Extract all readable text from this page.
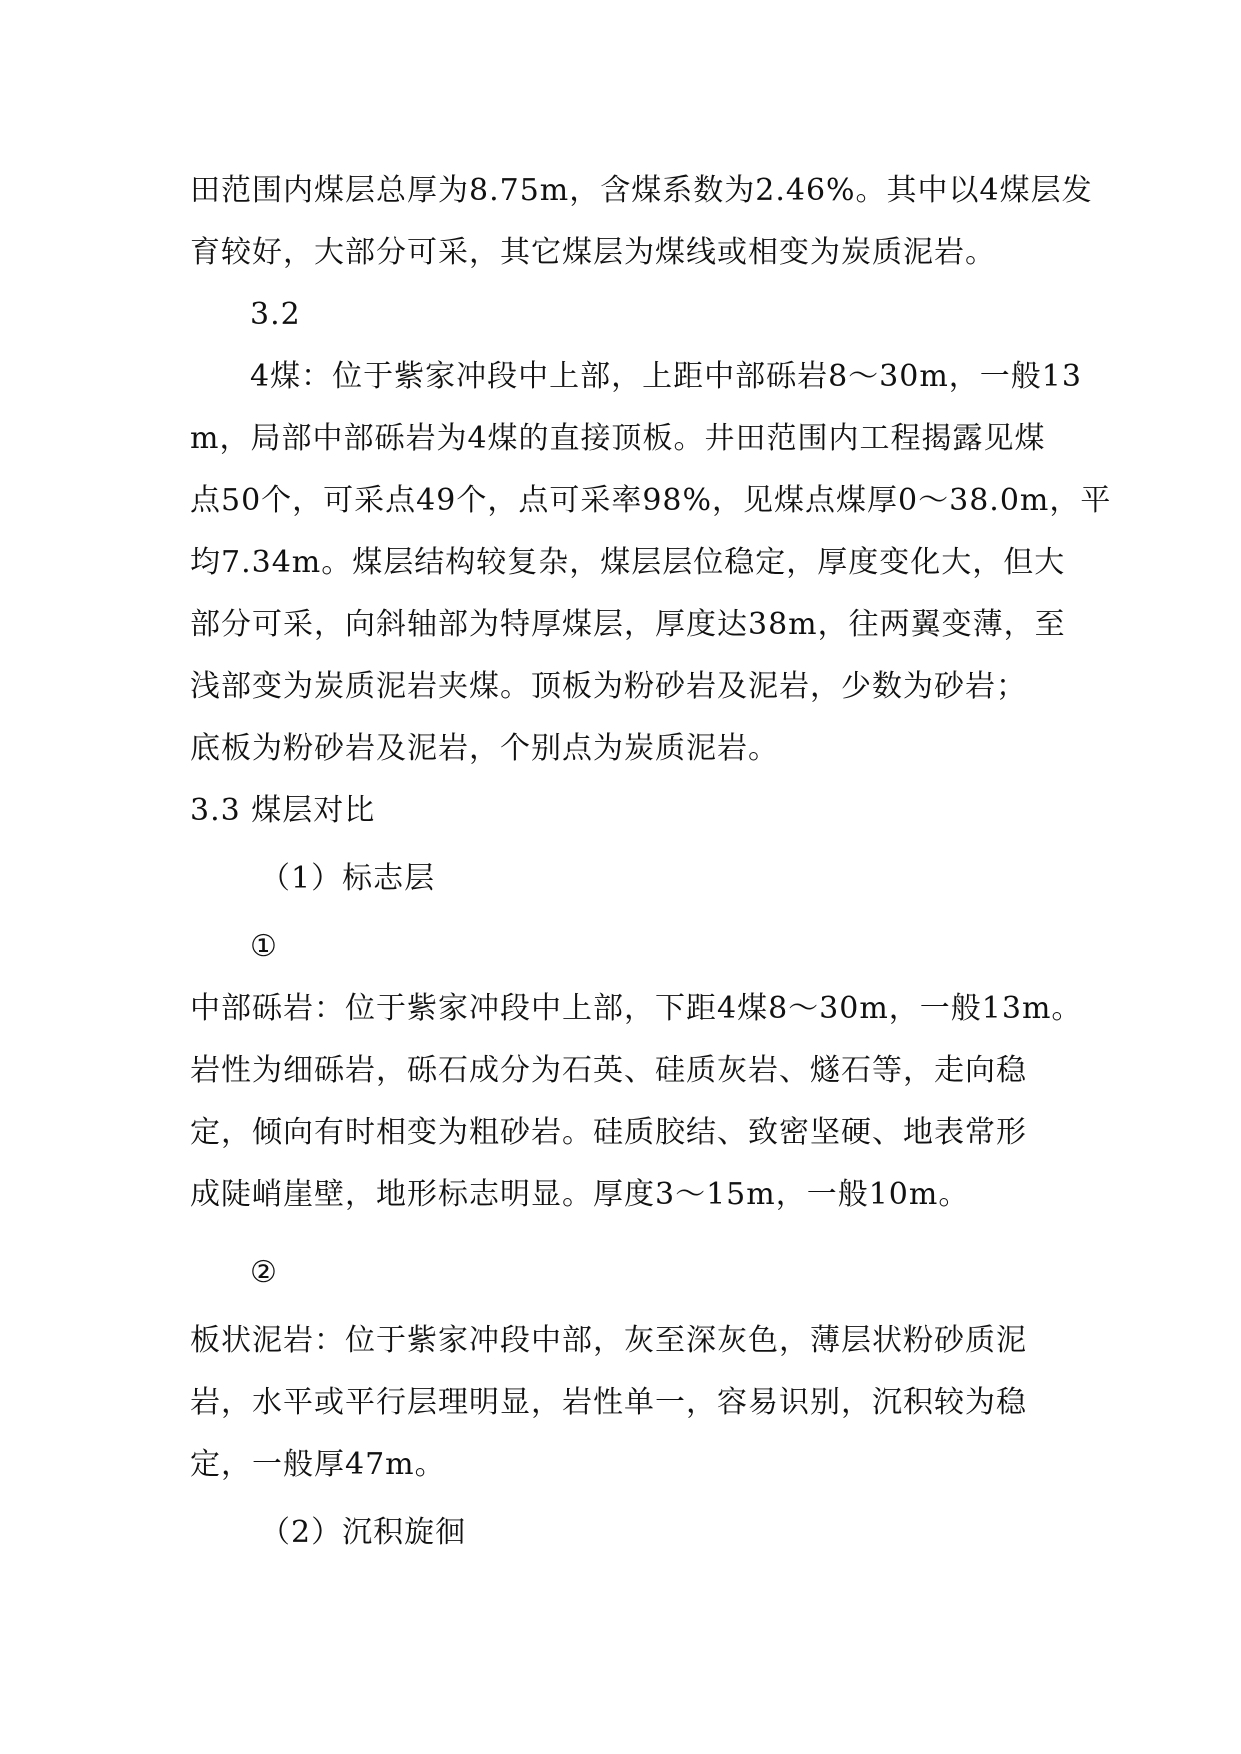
田范围内煤层总厚为8.75m，含煤系数为2.46%。其中以4煤层发
育较好，大部分可采，其它煤层为煤线或相变为炭质泥岩。
3.2
4煤：位于紫家冲段中上部，上距中部砾岩8～30m，一般13
m，局部中部砾岩为4煤的直接顶板。井田范围内工程揭露见煤
点50个，可采点49个，点可采率98%，见煤点煤厚0～38.0m，平
均7.34m。煤层结构较复杂，煤层层位稳定，厚度变化大，但大
部分可采，向斜轴部为特厚煤层，厚度达38m，往两翼变薄，至
浅部变为炭质泥岩夹煤。顶板为粉砂岩及泥岩，少数为砂岩；
底板为粉砂岩及泥岩，个别点为炭质泥岩。
3.3 煤层对比
（1）标志层
①
中部砾岩：位于紫家冲段中上部，下距4煤8～30m，一般13m。
岩性为细砾岩，砾石成分为石英、硅质灰岩、燧石等，走向稳
定，倾向有时相变为粗砂岩。硅质胶结、致密坚硬、地表常形
成陡峭崖壁，地形标志明显。厚度3～15m，一般10m。
②
板状泥岩：位于紫家冲段中部，灰至深灰色，薄层状粉砂质泥
岩，水平或平行层理明显，岩性单一，容易识别，沉积较为稳
定，一般厚47m。
（2）沉积旋徊
